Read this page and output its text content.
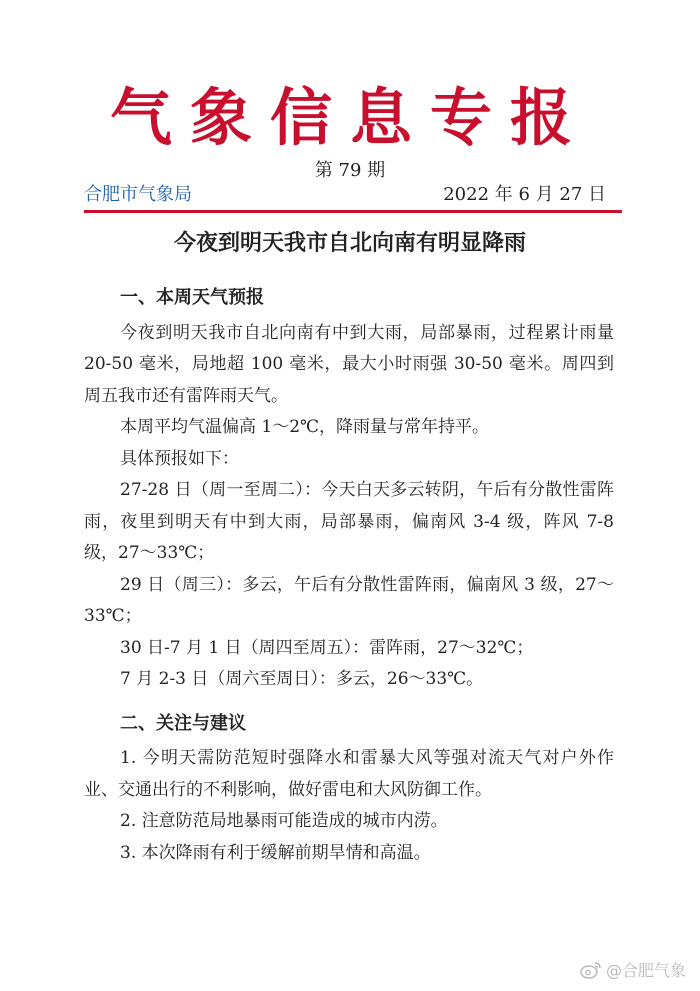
气象信息专报
第 79 期
合肥市气象局	2022 年 6 月 27 日
今夜到明天我市自北向南有明显降雨
一、本周天气预报

今夜到明天我市自北向南有中到大雨，局部暴雨，过程累计雨量 20-50 毫米，局地超 100 毫米，最大小时雨强 30-50 毫米。周四到周五我市还有雷阵雨天气。

本周平均气温偏高 1～2℃，降雨量与常年持平。

具体预报如下：

27-28 日（周一至周二）：今天白天多云转阴，午后有分散性雷阵雨，夜里到明天有中到大雨，局部暴雨，偏南风 3-4 级，阵风 7-8 级，27～33℃；

29 日（周三）：多云，午后有分散性雷阵雨，偏南风 3 级，27～33℃；

30 日-7 月 1 日（周四至周五）：雷阵雨，27～32℃；

7 月 2-3 日（周六至周日）：多云，26～33℃。

二、关注与建议

1. 今明天需防范短时强降水和雷暴大风等强对流天气对户外作业、交通出行的不利影响，做好雷电和大风防御工作。

2. 注意防范局地暴雨可能造成的城市内涝。

3. 本次降雨有利于缓解前期旱情和高温。

@合肥气象
